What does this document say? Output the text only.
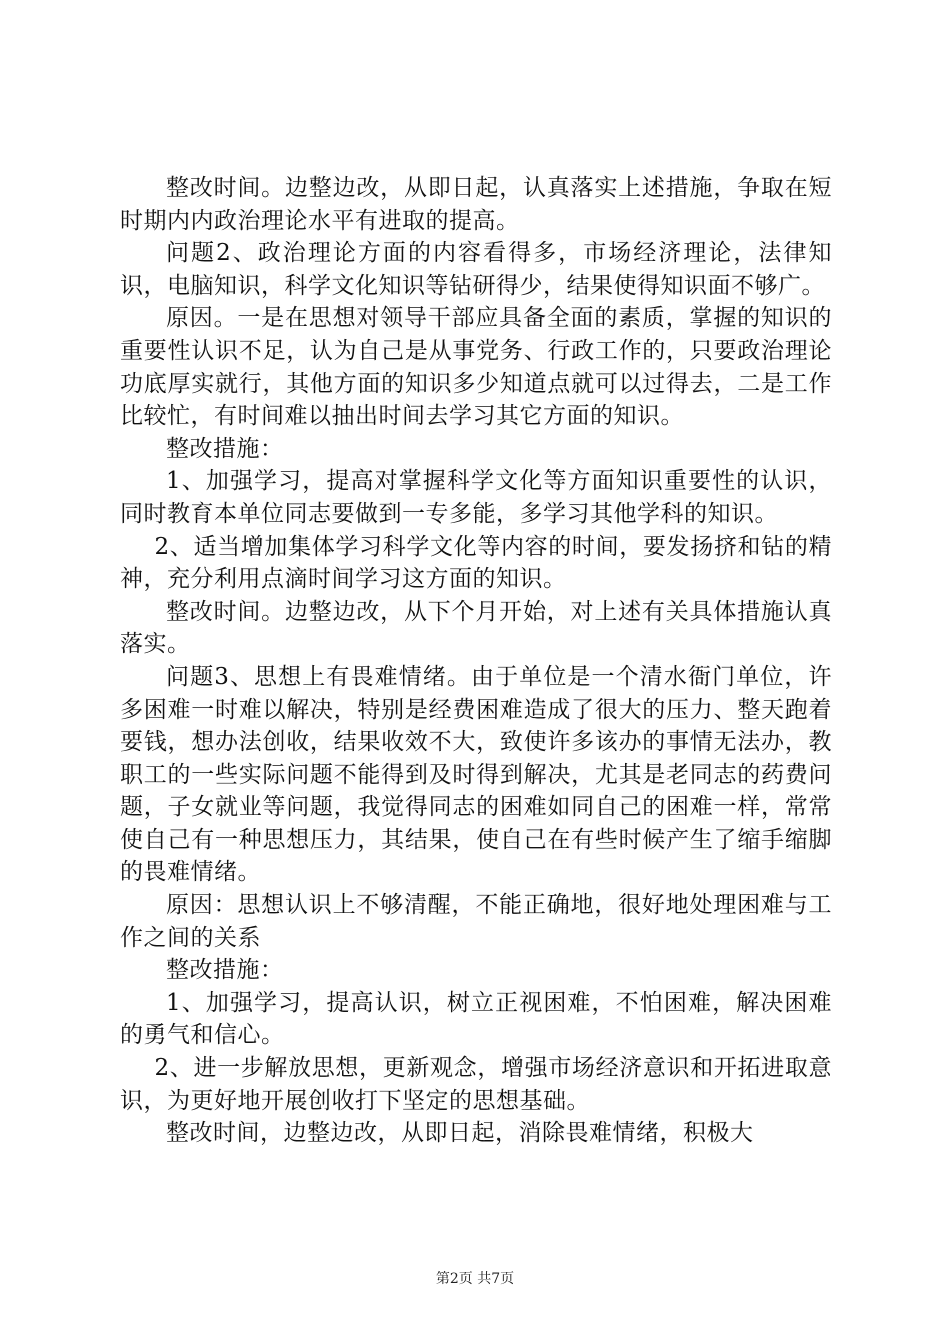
整改时间。边整边改，从即日起，认真落实上述措施，争取在短时期内内政治理论水平有进取的提高。

问题2、政治理论方面的内容看得多，市场经济理论，法律知识，电脑知识，科学文化知识等钻研得少，结果使得知识面不够广。

原因。一是在思想对领导干部应具备全面的素质，掌握的知识的重要性认识不足，认为自己是从事党务、行政工作的，只要政治理论功底厚实就行，其他方面的知识多少知道点就可以过得去，二是工作比较忙，有时间难以抽出时间去学习其它方面的知识。

整改措施：

1、加强学习，提高对掌握科学文化等方面知识重要性的认识，同时教育本单位同志要做到一专多能，多学习其他学科的知识。

2、适当增加集体学习科学文化等内容的时间，要发扬挤和钻的精神，充分利用点滴时间学习这方面的知识。

整改时间。边整边改，从下个月开始，对上述有关具体措施认真落实。

问题3、思想上有畏难情绪。由于单位是一个清水衙门单位，许多困难一时难以解决，特别是经费困难造成了很大的压力、整天跑着要钱，想办法创收，结果收效不大，致使许多该办的事情无法办，教职工的一些实际问题不能得到及时得到解决，尤其是老同志的药费问题，子女就业等问题，我觉得同志的困难如同自己的困难一样，常常使自己有一种思想压力，其结果，使自己在有些时候产生了缩手缩脚的畏难情绪。

原因：思想认识上不够清醒，不能正确地，很好地处理困难与工作之间的关系

整改措施：

1、加强学习，提高认识，树立正视困难，不怕困难，解决困难的勇气和信心。

2、进一步解放思想，更新观念，增强市场经济意识和开拓进取意识，为更好地开展创收打下坚定的思想基础。

整改时间，边整边改，从即日起，消除畏难情绪，积极大

第2页 共7页
